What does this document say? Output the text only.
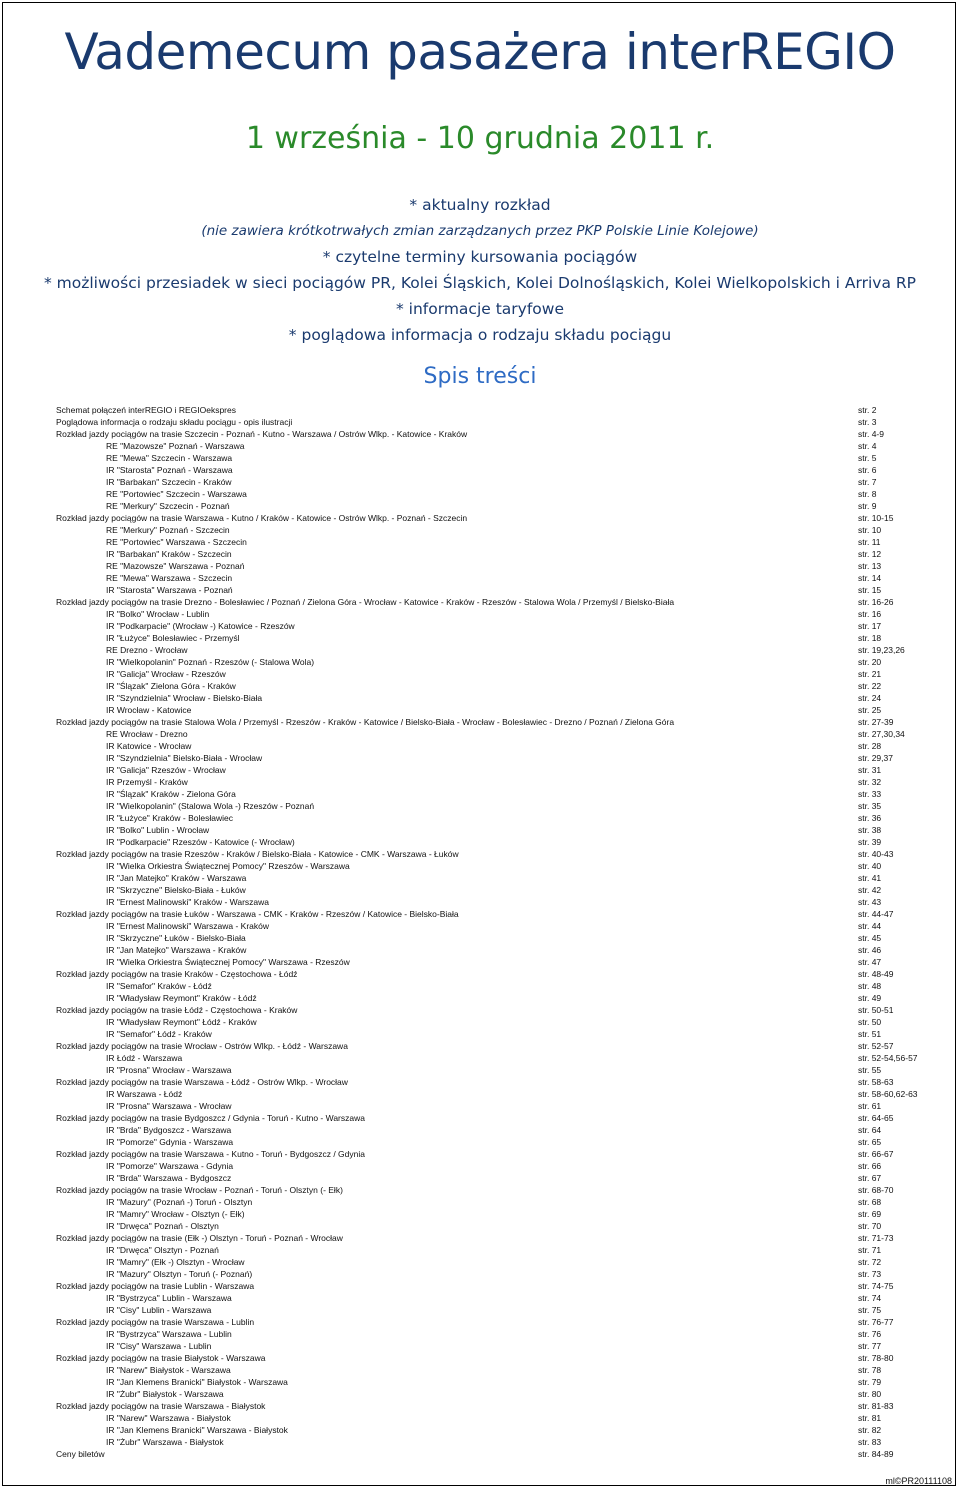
Vademecum pasażera interREGIO
1 września - 10 grudnia 2011 r.
* aktualny rozkład
(nie zawiera krótkotrwałych zmian zarządzanych przez PKP Polskie Linie Kolejowe)
* czytelne terminy kursowania pociągów
* możliwości przesiadek w sieci pociągów PR, Kolei Śląskich, Kolei Dolnośląskich, Kolei Wielkopolskich i Arriva RP
* informacje taryfowe
* poglądowa informacja o rodzaju składu pociągu
Spis treści
Schemat połączeń interREGIO i REGIOekspres	str. 2
Poglądowa informacja o rodzaju składu pociągu - opis ilustracji	str. 3
Rozkład jazdy pociągów na trasie Szczecin - Poznań - Kutno - Warszawa / Ostrów Wlkp. - Katowice - Kraków	str. 4-9
RE "Mazowsze" Poznań - Warszawa	str. 4
RE "Mewa" Szczecin - Warszawa	str. 5
IR "Starosta" Poznań - Warszawa	str. 6
IR "Barbakan" Szczecin - Kraków	str. 7
RE "Portowiec" Szczecin - Warszawa	str. 8
RE "Merkury" Szczecin - Poznań	str. 9
Rozkład jazdy pociągów na trasie Warszawa - Kutno / Kraków - Katowice - Ostrów Wlkp. - Poznań - Szczecin	str. 10-15
RE "Merkury" Poznań - Szczecin	str. 10
RE "Portowiec" Warszawa - Szczecin	str. 11
IR "Barbakan" Kraków - Szczecin	str. 12
RE "Mazowsze" Warszawa - Poznań	str. 13
RE "Mewa" Warszawa - Szczecin	str. 14
IR "Starosta" Warszawa - Poznań	str. 15
Rozkład jazdy pociągów na trasie Drezno - Bolesławiec / Poznań / Zielona Góra - Wrocław - Katowice - Kraków - Rzeszów - Stalowa Wola / Przemyśl / Bielsko-Biała	str. 16-26
IR "Bolko" Wrocław - Lublin	str. 16
IR "Podkarpacie" (Wrocław -) Katowice - Rzeszów	str. 17
IR "Łużyce" Bolesławiec - Przemyśl	str. 18
RE Drezno - Wrocław	str. 19,23,26
IR "Wielkopolanin" Poznań - Rzeszów (- Stalowa Wola)	str. 20
IR "Galicja" Wrocław - Rzeszów	str. 21
IR "Ślązak" Zielona Góra - Kraków	str. 22
IR "Szyndzielnia" Wrocław - Bielsko-Biała	str. 24
IR Wrocław - Katowice	str. 25
Rozkład jazdy pociągów na trasie Stalowa Wola / Przemyśl - Rzeszów - Kraków - Katowice / Bielsko-Biała - Wrocław - Bolesławiec - Drezno / Poznań / Zielona Góra	str. 27-39
RE Wrocław - Drezno	str. 27,30,34
IR Katowice - Wrocław	str. 28
IR "Szyndzielnia" Bielsko-Biała - Wrocław	str. 29,37
IR "Galicja" Rzeszów - Wrocław	str. 31
IR Przemyśl - Kraków	str. 32
IR "Ślązak" Kraków - Zielona Góra	str. 33
IR "Wielkopolanin" (Stalowa Wola -) Rzeszów - Poznań	str. 35
IR "Łużyce" Kraków - Bolesławiec	str. 36
IR "Bolko" Lublin - Wrocław	str. 38
IR "Podkarpacie" Rzeszów - Katowice (- Wrocław)	str. 39
Rozkład jazdy pociągów na trasie Rzeszów - Kraków / Bielsko-Biała - Katowice - CMK - Warszawa - Łuków	str. 40-43
IR "Wielka Orkiestra Świątecznej Pomocy" Rzeszów - Warszawa	str. 40
IR "Jan Matejko" Kraków - Warszawa	str. 41
IR "Skrzyczne" Bielsko-Biała - Łuków	str. 42
IR "Ernest Malinowski" Kraków - Warszawa	str. 43
Rozkład jazdy pociągów na trasie Łuków - Warszawa - CMK - Kraków - Rzeszów / Katowice - Bielsko-Biała	str. 44-47
IR "Ernest Malinowski" Warszawa - Kraków	str. 44
IR "Skrzyczne" Łuków - Bielsko-Biała	str. 45
IR "Jan Matejko" Warszawa - Kraków	str. 46
IR "Wielka Orkiestra Świątecznej Pomocy" Warszawa - Rzeszów	str. 47
Rozkład jazdy pociągów na trasie Kraków - Częstochowa - Łódź	str. 48-49
IR "Semafor" Kraków - Łódź	str. 48
IR "Władysław Reymont" Kraków - Łódź	str. 49
Rozkład jazdy pociągów na trasie Łódź - Częstochowa - Kraków	str. 50-51
IR "Władysław Reymont" Łódź - Kraków	str. 50
IR "Semafor" Łódź - Kraków	str. 51
Rozkład jazdy pociągów na trasie Wrocław - Ostrów Wlkp. - Łódź - Warszawa	str. 52-57
IR Łódź - Warszawa	str. 52-54,56-57
IR "Prosna" Wrocław - Warszawa	str. 55
Rozkład jazdy pociągów na trasie Warszawa - Łódź - Ostrów Wlkp. - Wrocław	str. 58-63
IR Warszawa - Łódź	str. 58-60,62-63
IR "Prosna" Warszawa - Wrocław	str. 61
Rozkład jazdy pociągów na trasie Bydgoszcz / Gdynia - Toruń - Kutno - Warszawa	str. 64-65
IR "Brda" Bydgoszcz - Warszawa	str. 64
IR "Pomorze" Gdynia - Warszawa	str. 65
Rozkład jazdy pociągów na trasie Warszawa - Kutno - Toruń - Bydgoszcz / Gdynia	str. 66-67
IR "Pomorze" Warszawa - Gdynia	str. 66
IR "Brda" Warszawa - Bydgoszcz	str. 67
Rozkład jazdy pociągów na trasie Wrocław - Poznań - Toruń - Olsztyn (- Ełk)	str. 68-70
IR "Mazury" (Poznań -) Toruń - Olsztyn	str. 68
IR "Mamry" Wrocław - Olsztyn (- Ełk)	str. 69
IR "Drwęca" Poznań - Olsztyn	str. 70
Rozkład jazdy pociągów na trasie (Ełk -) Olsztyn - Toruń - Poznań - Wrocław	str. 71-73
IR "Drwęca" Olsztyn - Poznań	str. 71
IR "Mamry" (Ełk -) Olsztyn - Wrocław	str. 72
IR "Mazury" Olsztyn - Toruń (- Poznań)	str. 73
Rozkład jazdy pociągów na trasie Lublin - Warszawa	str. 74-75
IR "Bystrzyca" Lublin - Warszawa	str. 74
IR "Cisy" Lublin - Warszawa	str. 75
Rozkład jazdy pociągów na trasie Warszawa - Lublin	str. 76-77
IR "Bystrzyca" Warszawa - Lublin	str. 76
IR "Cisy" Warszawa - Lublin	str. 77
Rozkład jazdy pociągów na trasie Białystok - Warszawa	str. 78-80
IR "Narew" Białystok - Warszawa	str. 78
IR "Jan Klemens Branicki" Białystok - Warszawa	str. 79
IR "Żubr" Białystok - Warszawa	str. 80
Rozkład jazdy pociągów na trasie Warszawa - Białystok	str. 81-83
IR "Narew" Warszawa - Białystok	str. 81
IR "Jan Klemens Branicki" Warszawa - Białystok	str. 82
IR "Żubr" Warszawa - Białystok	str. 83
Ceny biletów	str. 84-89
ml©PR20111108
